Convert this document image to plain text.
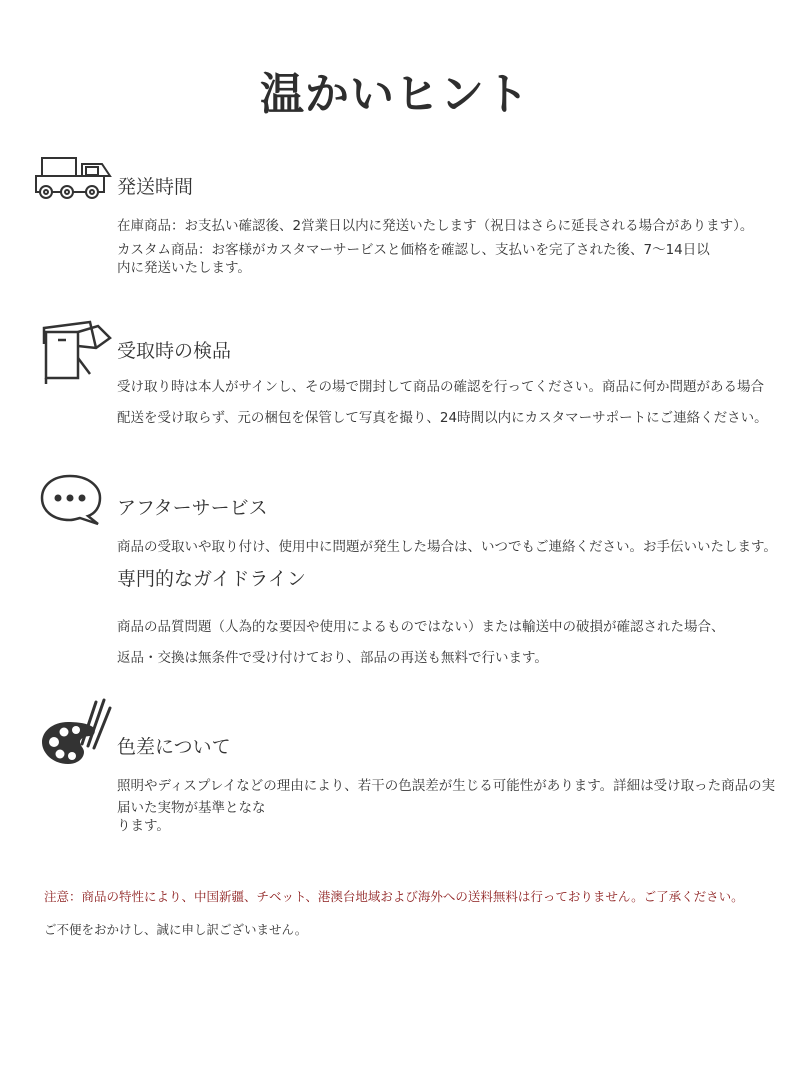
温かいヒント
発送時間
在庫商品：お支払い確認後、2営業日以内に発送いたします（祝日はさらに延長される場合があります）。
カスタム商品：お客様がカスタマーサービスと価格を確認し、支払いを完了された後、7〜14日以
内に発送いたします。
受取時の検品
受け取り時は本人がサインし、その場で開封して商品の確認を行ってください。商品に何か問題がある場合
配送を受け取らず、元の梱包を保管して写真を撮り、24時間以内にカスタマーサポートにご連絡ください。
アフターサービス
商品の受取いや取り付け、使用中に問題が発生した場合は、いつでもご連絡ください。お手伝いいたします。
専門的なガイドライン
商品の品質問題（人為的な要因や使用によるものではない）または輸送中の破損が確認された場合、
返品・交換は無条件で受け付けており、部品の再送も無料で行います。
色差について
照明やディスプレイなどの理由により、若干の色誤差が生じる可能性があります。詳細は受け取った商品の実
届いた実物が基準となな
ります。
注意：商品の特性により、中国新疆、チベット、港澳台地域および海外への送料無料は行っておりません。ご了承ください。
ご不便をおかけし、誠に申し訳ございません。
